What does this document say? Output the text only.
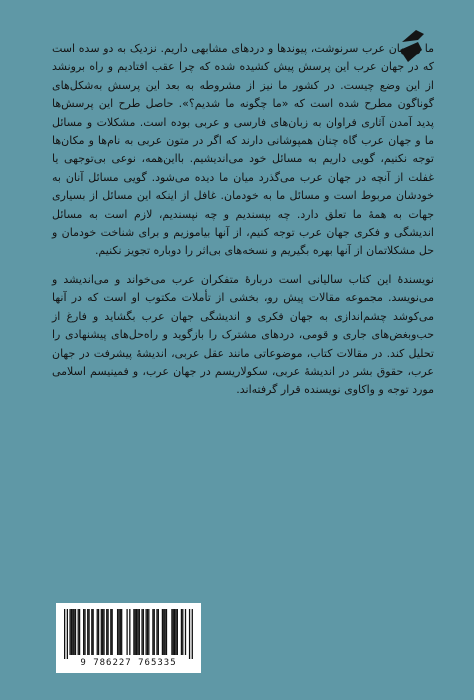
ما و جهان عرب سرنوشت، پیوندها و دردهای مشابهی داریم. نزدیک به دو سده است که در جهان عرب این پرسش پیش کشیده شده که چرا عقب افتادیم و راه برونشد از این وضع چیست. در کشور ما نیز از مشروطه به بعد این پرسش به‌شکل‌های گوناگون مطرح شده است که «ما چگونه ما شدیم؟». حاصل طرح این پرسش‌ها پدید آمدن آثاری فراوان به زبان‌های فارسی و عربی بوده است. مشکلات و مسائل ما و جهان عرب گاه چنان همپوشانی دارند که اگر در متون عربی به نام‌ها و مکان‌ها توجه نکنیم، گویی داریم به مسائل خود می‌اندیشیم. بااین‌همه، نوعی بی‌توجهی یا غفلت از آنچه در جهان عرب می‌گذرد میان ما دیده می‌شود. گویی مسائل آنان به خودشان مربوط است و مسائل ما به خودمان. غافل از اینکه این مسائل از بسیاری جهات به همهٔ ما تعلق دارد. چه بپسندیم و چه نپسندیم، لازم است به مسائل اندیشگی و فکری جهان عرب توجه کنیم، از آنها بیاموزیم و برای شناخت خودمان و حل مشکلاتمان از آنها بهره بگیریم و نسخه‌های بی‌اثر را دوباره تجویز نکنیم.

نویسندهٔ این کتاب سالیانی است دربارهٔ متفکران عرب می‌خواند و می‌اندیشد و می‌نویسد. مجموعه مقالات پیش رو، بخشی از تأملات مکتوب او است که در آنها می‌کوشد چشم‌اندازی به جهان فکری و اندیشگی جهان عرب بگشاید و فارغ از حب‌وبغض‌های جاری و قومی، دردهای مشترک را بازگوید و راه‌حل‌های پیشنهادی را تحلیل کند. در مقالات کتاب، موضوعاتی مانند عقل عربی، اندیشهٔ پیشرفت در جهان عرب، حقوق بشر در اندیشهٔ عربی، سکولاریسم در جهان عرب، و فمینیسم اسلامی مورد توجه و واکاوی نویسنده قرار گرفته‌اند.

9 786227 765335
